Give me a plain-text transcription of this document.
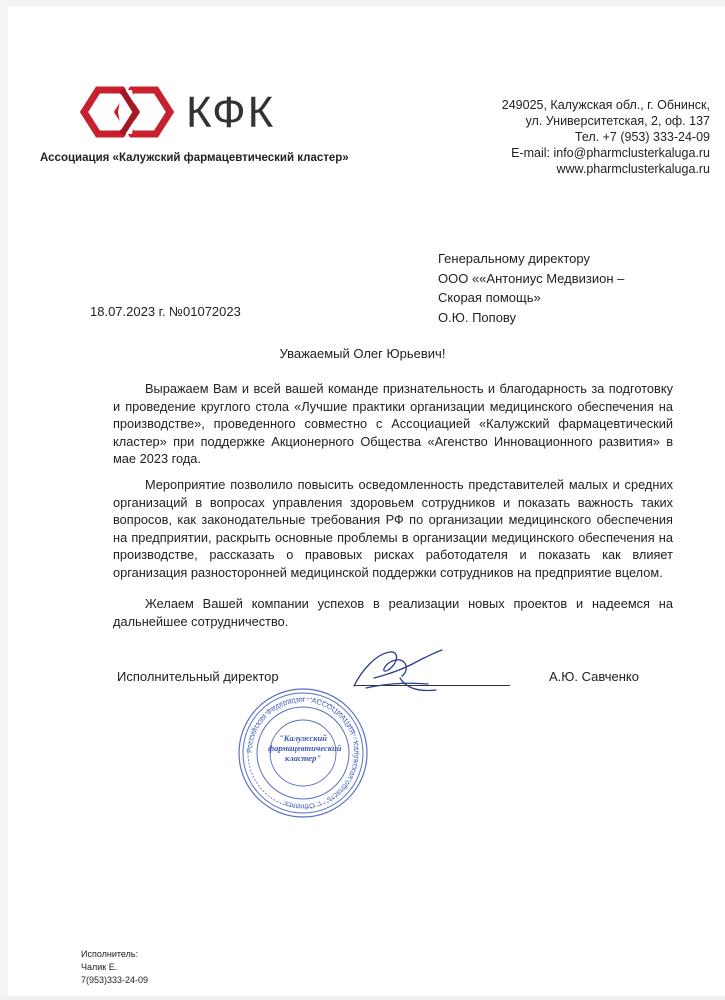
КФК
Ассоциация «Калужский фармацевтический кластер»
249025, Калужская обл., г. Обнинск,
ул. Университетская, 2, оф. 137
Тел. +7 (953) 333-24-09
E-mail: info@pharmclusterkaluga.ru
www.pharmclusterkaluga.ru
Генеральному директору
ООО ««Антониус Медвизион –
Скорая помощь»
О.Ю. Попову
18.07.2023 г. №01072023
Уважаемый Олег Юрьевич!
Выражаем Вам и всей вашей команде признательность и благодарность за подготовку и проведение круглого стола «Лучшие практики организации медицинского обеспечения на производстве», проведенного совместно с Ассоциацией «Калужский фармацевтический кластер» при поддержке Акционерного Общества «Агенство Инновационного развития» в мае 2023 года.
Мероприятие позволило повысить осведомленность представителей малых и средних организаций в вопросах управления здоровьем сотрудников и показать важность таких вопросов, как законодательные требования РФ по организации медицинского обеспечения на предприятии, раскрыть основные проблемы в организации медицинского обеспечения на производстве, рассказать о правовых рисках работодателя и показать как влияет организация разносторонней медицинской поддержки сотрудников на предприятие вцелом.
Желаем Вашей компании успехов в реализации новых проектов и надеемся на дальнейшее сотрудничество.
Исполнительный директор	А.Ю. Савченко
Российская Федерация · АССОЦИАЦИЯ · Калужская область · г. Обнинск
"Калужский
фармацевтический
кластер"
Исполнитель:
Чалик Е.
7(953)333-24-09
